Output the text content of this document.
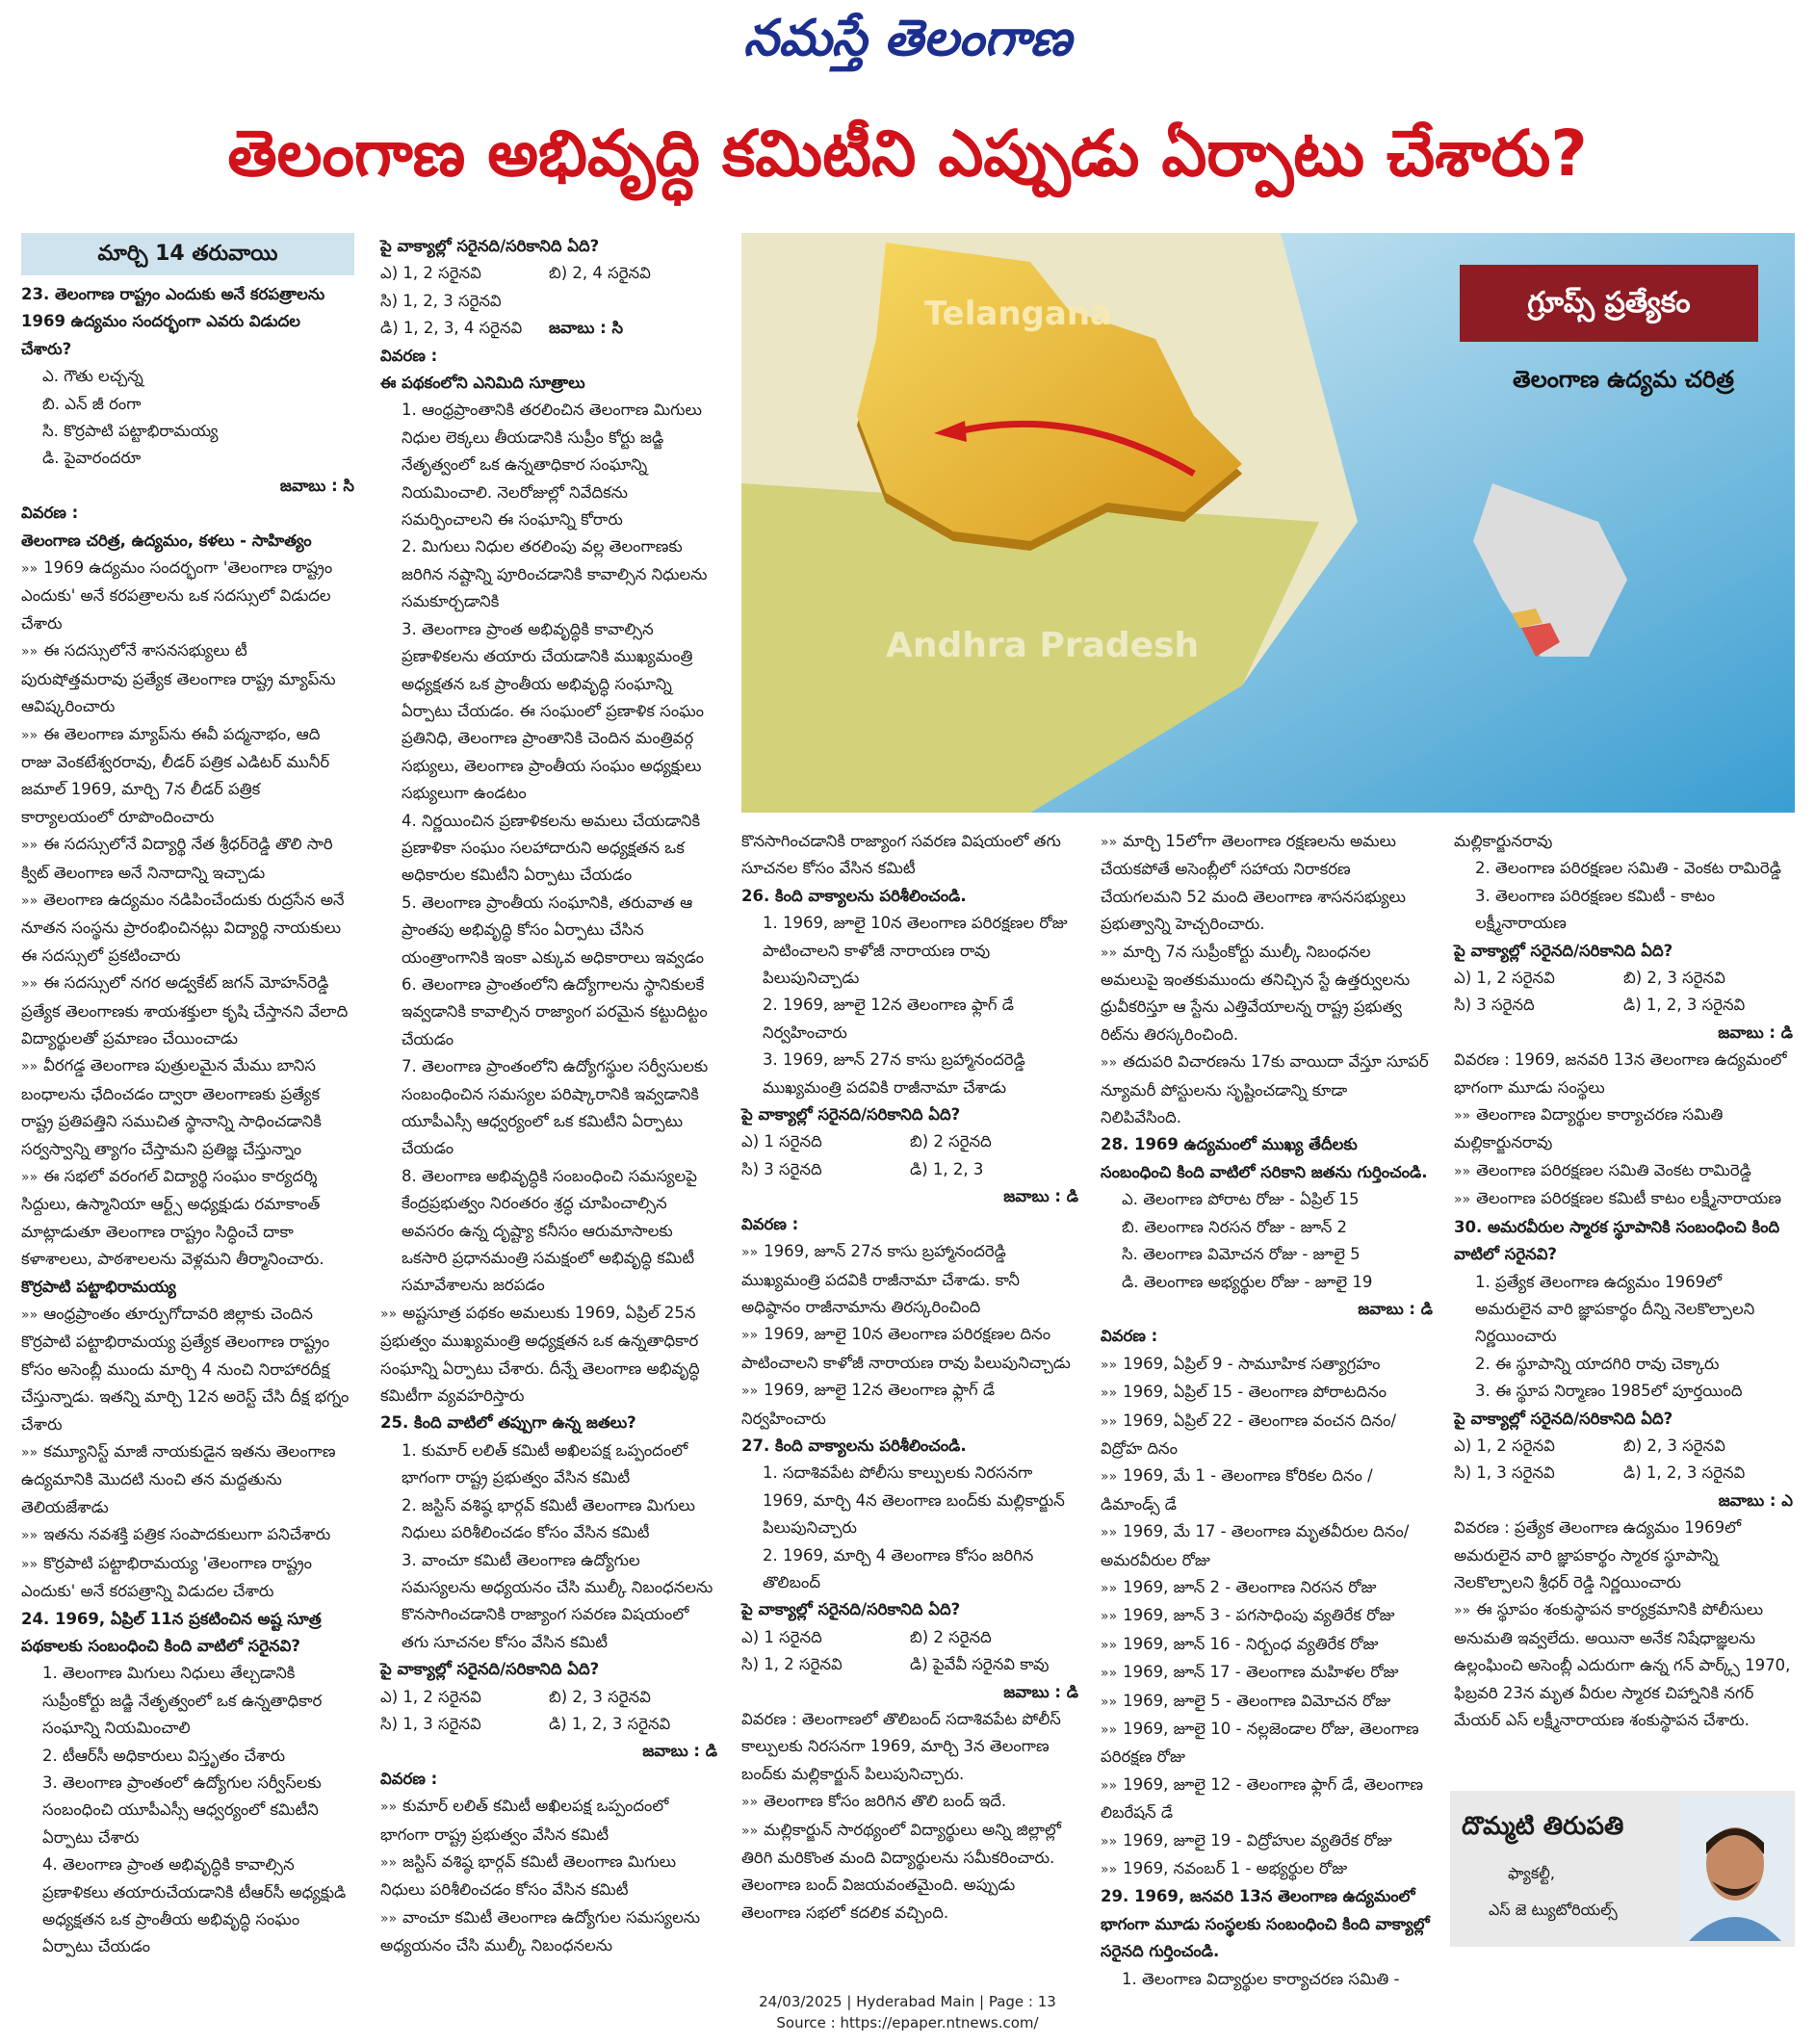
నమస్తే తెలంగాణ
తెలంగాణ అభివృద్ధి కమిటీని ఎప్పుడు ఏర్పాటు చేశారు?
మార్చి 14 తరువాయి

23. తెలంగాణ రాష్ట్రం ఎందుకు అనే కరపత్రాలను 1969 ఉద్యమం సందర్భంగా ఎవరు విడుదల చేశారు?

ఎ. గౌతు లచ్చన్న

బి. ఎన్ జీ రంగా

సి. కొర్రపాటి పట్టాభిరామయ్య

డి. పైవారందరూ

జవాబు : సి

వివరణ :

తెలంగాణ చరిత్ర, ఉద్యమం, కళలు - సాహిత్యం

»» 1969 ఉద్యమం సందర్భంగా 'తెలంగాణ రాష్ట్రం ఎందుకు' అనే కరపత్రాలను ఒక సదస్సులో విడుదల చేశారు

»» ఈ సదస్సులోనే శాసనసభ్యులు టీ పురుషోత్తమరావు ప్రత్యేక తెలంగాణ రాష్ట్ర మ్యాప్‌ను ఆవిష్కరించారు

»» ఈ తెలంగాణ మ్యాప్‌ను ఈవీ పద్మనాభం, ఆది రాజు వెంకటేశ్వరరావు, లీడర్ పత్రిక ఎడిటర్ మునీర్ జమాల్ 1969, మార్చి 7న లీడర్ పత్రిక కార్యాలయంలో రూపొందించారు

»» ఈ సదస్సులోనే విద్యార్థి నేత శ్రీధర్‌రెడ్డి తొలి సారి క్విట్ తెలంగాణ అనే నినాదాన్ని ఇచ్చాడు

»» తెలంగాణ ఉద్యమం నడిపించేందుకు రుద్రసేన అనే నూతన సంస్థను ప్రారంభించినట్లు విద్యార్థి నాయకులు ఈ సదస్సులో ప్రకటించారు

»» ఈ సదస్సులో నగర అడ్వకేట్ జగన్ మోహన్‌రెడ్డి ప్రత్యేక తెలంగాణకు శాయశక్తులా కృషి చేస్తానని వేలాది విద్యార్థులతో ప్రమాణం చేయించాడు

»» వీరగడ్డ తెలంగాణ పుత్రులమైన మేము బానిస బంధాలను ఛేదించడం ద్వారా తెలంగాణకు ప్రత్యేక రాష్ట్ర ప్రతిపత్తిని సముచిత స్థానాన్ని సాధించడానికి సర్వస్వాన్ని త్యాగం చేస్తామని ప్రతిజ్ఞ చేస్తున్నాం

»» ఈ సభలో వరంగల్ విద్యార్థి సంఘం కార్యదర్శి సిద్దులు, ఉస్మానియా ఆర్ట్స్ అధ్యక్షుడు రమాకాంత్ మాట్లాడుతూ తెలంగాణ రాష్ట్రం సిద్ధించే దాకా కళాశాలలు, పాఠశాలలను వెళ్లమని తీర్మానించారు.

కొర్రపాటి పట్టాభిరామయ్య

»» ఆంధ్రప్రాంతం తూర్పుగోదావరి జిల్లాకు చెందిన కొర్రపాటి పట్టాభిరామయ్య ప్రత్యేక తెలంగాణ రాష్ట్రం కోసం అసెంబ్లీ ముందు మార్చి 4 నుంచి నిరాహారదీక్ష చేస్తున్నాడు. ఇతన్ని మార్చి 12న అరెస్ట్ చేసి దీక్ష భగ్నం చేశారు

»» కమ్యూనిస్ట్ మాజీ నాయకుడైన ఇతను తెలంగాణ ఉద్యమానికి మొదటి నుంచి తన మద్దతును తెలియజేశాడు

»» ఇతను నవశక్తి పత్రిక సంపాదకులుగా పనిచేశారు

»» కొర్రపాటి పట్టాభిరామయ్య 'తెలంగాణ రాష్ట్రం ఎందుకు' అనే కరపత్రాన్ని విడుదల చేశారు

24. 1969, ఏప్రిల్ 11న ప్రకటించిన అష్ట సూత్ర పథకాలకు సంబంధించి కింది వాటిలో సరైనవి?

1. తెలంగాణ మిగులు నిధులు తేల్చడానికి సుప్రీంకోర్టు జడ్జి నేతృత్వంలో ఒక ఉన్నతాధికార సంఘాన్ని నియమించాలి

2. టీఆర్‌సీ అధికారులు విస్తృతం చేశారు

3. తెలంగాణ ప్రాంతంలో ఉద్యోగుల సర్వీస్‌లకు సంబంధించి యూపీఎస్సీ ఆధ్వర్యంలో కమిటీని ఏర్పాటు చేశారు

4. తెలంగాణ ప్రాంత అభివృద్ధికి కావాల్సిన ప్రణాళికలు తయారుచేయడానికి టీఆర్‌సీ అధ్యక్షుడి అధ్యక్షతన ఒక ప్రాంతీయ అభివృద్ధి సంఘం ఏర్పాటు చేయడం

పై వాక్యాల్లో సరైనది/సరికానిది ఏది?

ఎ) 1, 2 సరైనవి	బి) 2, 4 సరైనవి
సి) 1, 2, 3 సరైనవి
డి) 1, 2, 3, 4 సరైనవి	జవాబు : సి

వివరణ :

ఈ పథకంలోని ఎనిమిది సూత్రాలు

1. ఆంధ్రప్రాంతానికి తరలించిన తెలంగాణ మిగులు నిధుల లెక్కలు తీయడానికి సుప్రీం కోర్టు జడ్జి నేతృత్వంలో ఒక ఉన్నతాధికార సంఘాన్ని నియమించాలి. నెలరోజుల్లో నివేదికను సమర్పించాలని ఈ సంఘాన్ని కోరారు

2. మిగులు నిధుల తరలింపు వల్ల తెలంగాణకు జరిగిన నష్టాన్ని పూరించడానికి కావాల్సిన నిధులను సమకూర్చడానికి

3. తెలంగాణ ప్రాంత అభివృద్ధికి కావాల్సిన ప్రణాళికలను తయారు చేయడానికి ముఖ్యమంత్రి అధ్యక్షతన ఒక ప్రాంతీయ అభివృద్ధి సంఘాన్ని ఏర్పాటు చేయడం. ఈ సంఘంలో ప్రణాళిక సంఘం ప్రతినిధి, తెలంగాణ ప్రాంతానికి చెందిన మంత్రివర్గ సభ్యులు, తెలంగాణ ప్రాంతీయ సంఘం అధ్యక్షులు సభ్యులుగా ఉండటం

4. నిర్ణయించిన ప్రణాళికలను అమలు చేయడానికి ప్రణాళికా సంఘం సలహాదారుని అధ్యక్షతన ఒక అధికారుల కమిటీని ఏర్పాటు చేయడం

5. తెలంగాణ ప్రాంతీయ సంఘానికి, తరువాత ఆ ప్రాంతపు అభివృద్ధి కోసం ఏర్పాటు చేసిన యంత్రాంగానికి ఇంకా ఎక్కువ అధికారాలు ఇవ్వడం

6. తెలంగాణ ప్రాంతంలోని ఉద్యోగాలను స్థానికులకే ఇవ్వడానికి కావాల్సిన రాజ్యాంగ పరమైన కట్టుదిట్టం చేయడం

7. తెలంగాణ ప్రాంతంలోని ఉద్యోగస్థుల సర్వీసులకు సంబంధించిన సమస్యల పరిష్కారానికి ఇవ్వడానికి యూపీఎస్సీ ఆధ్వర్యంలో ఒక కమిటీని ఏర్పాటు చేయడం

8. తెలంగాణ అభివృద్ధికి సంబంధించి సమస్యలపై కేంద్రప్రభుత్వం నిరంతరం శ్రద్ధ చూపించాల్సిన అవసరం ఉన్న దృష్ట్యా కనీసం ఆరుమాసాలకు ఒకసారి ప్రధానమంత్రి సమక్షంలో అభివృద్ధి కమిటీ సమావేశాలను జరపడం

»» అష్టసూత్ర పథకం అమలుకు 1969, ఏప్రిల్ 25న ప్రభుత్వం ముఖ్యమంత్రి అధ్యక్షతన ఒక ఉన్నతాధికార సంఘాన్ని ఏర్పాటు చేశారు. దీన్నే తెలంగాణ అభివృద్ధి కమిటీగా వ్యవహరిస్తారు

25. కింది వాటిలో తప్పుగా ఉన్న జతలు?

1. కుమార్ లలిత్ కమిటీ అఖిలపక్ష ఒప్పందంలో భాగంగా రాష్ట్ర ప్రభుత్వం వేసిన కమిటీ

2. జస్టిస్ వశిష్ఠ భార్గవ్ కమిటీ తెలంగాణ మిగులు నిధులు పరిశీలించడం కోసం వేసిన కమిటీ

3. వాంచూ కమిటీ తెలంగాణ ఉద్యోగుల సమస్యలను అధ్యయనం చేసి ముల్కీ నిబంధనలను కొనసాగించడానికి రాజ్యాంగ సవరణ విషయంలో తగు సూచనల కోసం వేసిన కమిటీ

పై వాక్యాల్లో సరైనది/సరికానిది ఏది?

ఎ) 1, 2 సరైనవి	బి) 2, 3 సరైనవి
సి) 1, 3 సరైనవి	డి) 1, 2, 3 సరైనవి

జవాబు : డి

వివరణ :

»» కుమార్ లలిత్ కమిటీ అఖిలపక్ష ఒప్పందంలో భాగంగా రాష్ట్ర ప్రభుత్వం వేసిన కమిటీ

»» జస్టిస్ వశిష్ఠ భార్గవ్ కమిటీ తెలంగాణ మిగులు నిధులు పరిశీలించడం కోసం వేసిన కమిటీ

»» వాంచూ కమిటీ తెలంగాణ ఉద్యోగుల సమస్యలను అధ్యయనం చేసి ముల్కీ నిబంధనలను

కొనసాగించడానికి రాజ్యాంగ సవరణ విషయంలో తగు సూచనల కోసం వేసిన కమిటీ

26. కింది వాక్యాలను పరిశీలించండి.

1. 1969, జూలై 10న తెలంగాణ పరిరక్షణల రోజు పాటించాలని కాళోజీ నారాయణ రావు పిలుపునిచ్చాడు

2. 1969, జూలై 12న తెలంగాణ ఫ్లాగ్ డే నిర్వహించారు

3. 1969, జూన్ 27న కాసు బ్రహ్మానందరెడ్డి ముఖ్యమంత్రి పదవికి రాజీనామా చేశాడు

పై వాక్యాల్లో సరైనది/సరికానిది ఏది?

ఎ) 1 సరైనది	బి) 2 సరైనది
సి) 3 సరైనది	డి) 1, 2, 3

జవాబు : డి

వివరణ :

»» 1969, జూన్ 27న కాసు బ్రహ్మానందరెడ్డి ముఖ్యమంత్రి పదవికి రాజీనామా చేశాడు. కానీ అధిష్ఠానం రాజీనామాను తిరస్కరించింది

»» 1969, జూలై 10న తెలంగాణ పరిరక్షణల దినం పాటించాలని కాళోజీ నారాయణ రావు పిలుపునిచ్చాడు

»» 1969, జూలై 12న తెలంగాణ ఫ్లాగ్ డే నిర్వహించారు

27. కింది వాక్యాలను పరిశీలించండి.

1. సదాశివపేట పోలీసు కాల్పులకు నిరసనగా 1969, మార్చి 4న తెలంగాణ బంద్‌కు మల్లికార్జున్ పిలుపునిచ్చారు

2. 1969, మార్చి 4 తెలంగాణ కోసం జరిగిన తొలిబంద్

పై వాక్యాల్లో సరైనది/సరికానిది ఏది?

ఎ) 1 సరైనది	బి) 2 సరైనది
సి) 1, 2 సరైనవి	డి) పైవేవీ సరైనవి కావు

జవాబు : డి

వివరణ : తెలంగాణలో తొలిబంద్ సదాశివపేట పోలీస్ కాల్పులకు నిరసనగా 1969, మార్చి 3న తెలంగాణ బంద్‌కు మల్లికార్జున్ పిలుపునిచ్చారు.

»» తెలంగాణ కోసం జరిగిన తొలి బంద్ ఇదే.

»» మల్లికార్జున్ సారథ్యంలో విద్యార్థులు అన్ని జిల్లాల్లో తిరిగి మరికొంత మంది విద్యార్థులను సమీకరించారు. తెలంగాణ బంద్ విజయవంతమైంది. అప్పుడు తెలంగాణ సభలో కదలిక వచ్చింది.

»» మార్చి 15లోగా తెలంగాణ రక్షణలను అమలు చేయకపోతే అసెంబ్లీలో సహాయ నిరాకరణ చేయగలమని 52 మంది తెలంగాణ శాసనసభ్యులు ప్రభుత్వాన్ని హెచ్చరించారు.

»» మార్చి 7న సుప్రీంకోర్టు ముల్కీ నిబంధనల అమలుపై ఇంతకుముందు తనిచ్చిన స్టే ఉత్తర్వులను ధ్రువీకరిస్తూ ఆ స్టేను ఎత్తివేయాలన్న రాష్ట్ర ప్రభుత్వ రిట్‌ను తిరస్కరించింది.

»» తదుపరి విచారణను 17కు వాయిదా వేస్తూ సూపర్ న్యూమరీ పోస్టులను సృష్టించడాన్ని కూడా నిలిపివేసింది.

28. 1969 ఉద్యమంలో ముఖ్య తేదీలకు సంబంధించి కింది వాటిలో సరికాని జతను గుర్తించండి.

ఎ. తెలంగాణ పోరాట రోజు - ఏప్రిల్ 15

బి. తెలంగాణ నిరసన రోజు - జూన్ 2

సి. తెలంగాణ విమోచన రోజు - జూలై 5

డి. తెలంగాణ అభ్యర్థుల రోజు - జూలై 19

జవాబు : డి

వివరణ :

»» 1969, ఏప్రిల్ 9 - సామూహిక సత్యాగ్రహం

»» 1969, ఏప్రిల్ 15 - తెలంగాణ పోరాటదినం

»» 1969, ఏప్రిల్ 22 - తెలంగాణ వంచన దినం/ విద్రోహ దినం

»» 1969, మే 1 - తెలంగాణ కోరికల దినం / డిమాండ్స్ డే

»» 1969, మే 17 - తెలంగాణ మృతవీరుల దినం/ అమరవీరుల రోజు

»» 1969, జూన్ 2 - తెలంగాణ నిరసన రోజు

»» 1969, జూన్ 3 - పగసాధింపు వ్యతిరేక రోజు

»» 1969, జూన్ 16 - నిర్బంధ వ్యతిరేక రోజు

»» 1969, జూన్ 17 - తెలంగాణ మహిళల రోజు

»» 1969, జూలై 5 - తెలంగాణ విమోచన రోజు

»» 1969, జూలై 10 - నల్లజెండాల రోజు, తెలంగాణ పరిరక్షణ రోజు

»» 1969, జూలై 12 - తెలంగాణ ఫ్లాగ్ డే, తెలంగాణ లిబరేషన్ డే

»» 1969, జూలై 19 - విద్రోహుల వ్యతిరేక రోజు

»» 1969, నవంబర్ 1 - అభ్యర్థుల రోజు

29. 1969, జనవరి 13న తెలంగాణ ఉద్యమంలో భాగంగా మూడు సంస్థలకు సంబంధించి కింది వాక్యాల్లో సరైనది గుర్తించండి.

1. తెలంగాణ విద్యార్థుల కార్యాచరణ సమితి -

మల్లికార్జునరావు

2. తెలంగాణ పరిరక్షణల సమితి - వెంకట రామిరెడ్డి

3. తెలంగాణ పరిరక్షణల కమిటీ - కాటం లక్ష్మీనారాయణ

పై వాక్యాల్లో సరైనది/సరికానిది ఏది?

ఎ) 1, 2 సరైనవి	బి) 2, 3 సరైనవి
సి) 3 సరైనది	డి) 1, 2, 3 సరైనవి

జవాబు : డి

వివరణ : 1969, జనవరి 13న తెలంగాణ ఉద్యమంలో భాగంగా మూడు సంస్థలు

»» తెలంగాణ విద్యార్థుల కార్యాచరణ సమితి మల్లికార్జునరావు

»» తెలంగాణ పరిరక్షణల సమితి వెంకట రామిరెడ్డి

»» తెలంగాణ పరిరక్షణల కమిటీ కాటం లక్ష్మీనారాయణ

30. అమరవీరుల స్మారక స్థూపానికి సంబంధించి కింది వాటిలో సరైనవి?

1. ప్రత్యేక తెలంగాణ ఉద్యమం 1969లో అమరులైన వారి జ్ఞాపకార్థం దీన్ని నెలకొల్పాలని నిర్ణయించారు

2. ఈ స్థూపాన్ని యాదగిరి రావు చెక్కారు

3. ఈ స్థూప నిర్మాణం 1985లో పూర్తయింది

పై వాక్యాల్లో సరైనది/సరికానిది ఏది?

ఎ) 1, 2 సరైనవి	బి) 2, 3 సరైనవి
సి) 1, 3 సరైనవి	డి) 1, 2, 3 సరైనవి

జవాబు : ఎ

వివరణ : ప్రత్యేక తెలంగాణ ఉద్యమం 1969లో అమరులైన వారి జ్ఞాపకార్థం స్మారక స్థూపాన్ని నెలకొల్పాలని శ్రీధర్ రెడ్డి నిర్ణయించారు

»» ఈ స్థూపం శంకుస్థాపన కార్యక్రమానికి పోలీసులు అనుమతి ఇవ్వలేదు. అయినా అనేక నిషేధాజ్ఞలను ఉల్లంఘించి అసెంబ్లీ ఎదురుగా ఉన్న గన్ పార్క్స్ 1970, ఫిబ్రవరి 23న మృత వీరుల స్మారక చిహ్నానికి నగర్ మేయర్ ఎస్ లక్ష్మీనారాయణ శంకుస్థాపన చేశారు.

Telangana
Andhra Pradesh
గ్రూప్స్ ప్రత్యేకం
తెలంగాణ ఉద్యమ చరిత్ర
దొమ్మటి తిరుపతి
ఫ్యాకల్టీ,
ఎస్ జె ట్యుటోరియల్స్
24/03/2025 | Hyderabad Main | Page : 13
Source : https://epaper.ntnews.com/
